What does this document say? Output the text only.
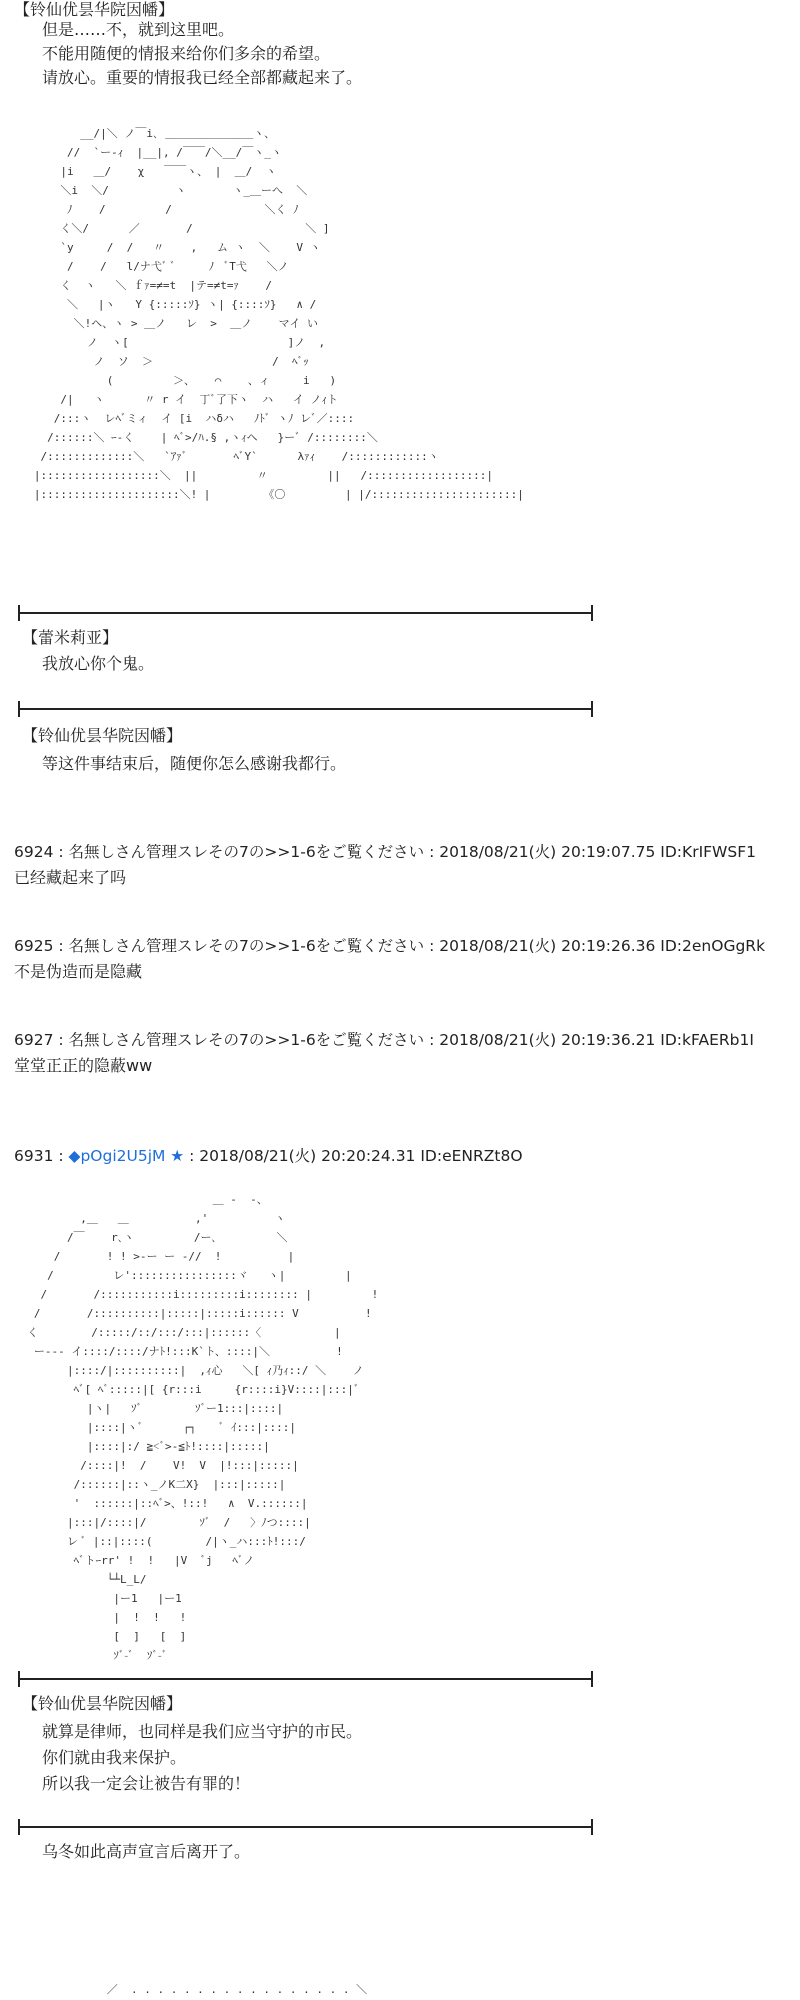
【铃仙优昙华院因幡】
但是……不，就到这里吧。
不能用随便的情报来给你们多余的希望。
请放心。重要的情报我已经全部都藏起来了。
__/|＼ ノ￣i､ ＿＿＿＿＿＿＿＿ヽ、
//  `ー-ｨ  |__|, /￣￣/＼__/￣ヽ_ヽ
|i   ＿/    χ   ￣￣ヽ、 |  ＿/  ヽ
＼i  ＼/          ヽ       ヽ_＿ーへ  ＼
ﾉ    /         /              ＼く ﾉ
く＼/      ／       /                 ＼ ]
`y     /  /   〃    ,   ム ヽ  ＼    V ヽ
/    /   l/ナ弋ﾞ ﾞ     ﾉ  ﾞT弋   ＼ノ
く  ヽ   ＼ ｆｧ=≠=t  |テ=≠t=ｧ    /
＼   |ヽ   Y {:::::ｿ} ヽ| {::::ｿ}   ∧ /
＼!ヘ、ヽ > ＿ノ   レ  >  ＿ノ    マイ い
ノ  ヽ[                        ]ノ  ,
ノ  ソ  ＞                  /  ﾍﾞｯ
(         ＞、   ⌒    、ィ     i   )
/|   ヽ      〃 r イ  丁ﾞ了下ヽ  ハ   イ ノｨト
/:::ヽ  レﾍﾞミィ  イ [i  ハδハ   ﾉﾄﾞ ヽﾉ レﾞ／::::
/::::::＼ ｰ-く    | ﾍﾞ>/ﾊ.§ ,ヽｨヘ   }ーﾞ /::::::::＼
/:::::::::::::＼   `ｱｧﾞ       ﾍﾞY`      λｧｨ    /::::::::::::ヽ
|::::::::::::::::::＼  ||         〃         ||   /::::::::::::::::::|
|:::::::::::::::::::::＼! |        《〇         | |/::::::::::::::::::::::|
【蕾米莉亚】
我放心你个鬼。
【铃仙优昙华院因幡】
等这件事结束后，随便你怎么感谢我都行。
6924 : 名無しさん管理スレその7の>>1-6をご覧ください : 2018/08/21(火) 20:19:07.75 ID:KrIFWSF1
已经藏起来了吗
6925 : 名無しさん管理スレその7の>>1-6をご覧ください : 2018/08/21(火) 20:19:26.36 ID:2enOGgRk
不是伪造而是隐藏
6927 : 名無しさん管理スレその7の>>1-6をご覧ください : 2018/08/21(火) 20:19:36.21 ID:kFAERb1I
堂堂正正的隐蔽ww
6931 : ◆pOgi2U5jM ★ : 2018/08/21(火) 20:20:24.31 ID:eENRZt8O
＿ -  -、
,＿   ＿          ,'          ヽ
/￣    r､ヽ         /ー､         ＼
/       ! ! >-ー ー -//  !          |
/         レ'::::::::::::::::ヾ   ヽ|         |
/       /:::::::::::i:::::::::i:::::::: |         !
/       /::::::::::|:::::|:::::i:::::: V          !
く        /:::::/::/:::/:::|::::::〈           |
ー--- イ::::/::::/ナﾄ!:::K`ト、::::|＼          !
|::::/|::::::::::|  ,ｨ心   ＼[ ｨ乃ｨ::/ ＼    ノ
ﾍﾞ[ ﾍﾞ:::::|[ {r:::i     {r::::i}V::::|:::|ﾞ
|ヽ|   ｿﾞ        ｿﾞー1:::|::::|
|::::|ヽﾞ      ┌┐    ﾞ ｲ:::|::::|
|::::|:/ ≧<ﾞ>-≦ﾄ!::::|:::::|
/::::|!  /    V!  V  |!:::|:::::|
/::::::|::ヽ_ノK二X}  |:::|:::::|
'  ::::::|::ﾍﾞ>、!::!   ∧  V.::::::|
|:::|/::::|/        ｿﾞ  /   〉ﾉつ::::|
レ ﾞ |::|::::(        /|ヽ_ハ:::ﾄ!:::/
ﾍﾞトｰrr' !  !   |V  ﾞj   ﾍﾞノ
└┴L_L/
|ー1   |ー1
|  !  !   !
[  ]   [  ]
ｿﾞ-ﾞ  ｿﾞ-ﾞ
【铃仙优昙华院因幡】
就算是律师，也同样是我们应当守护的市民。
你们就由我来保护。
所以我一定会让被告有罪的！
乌冬如此高声宣言后离开了。
／  . . . . . . . . . . . . . . . . . ＼
